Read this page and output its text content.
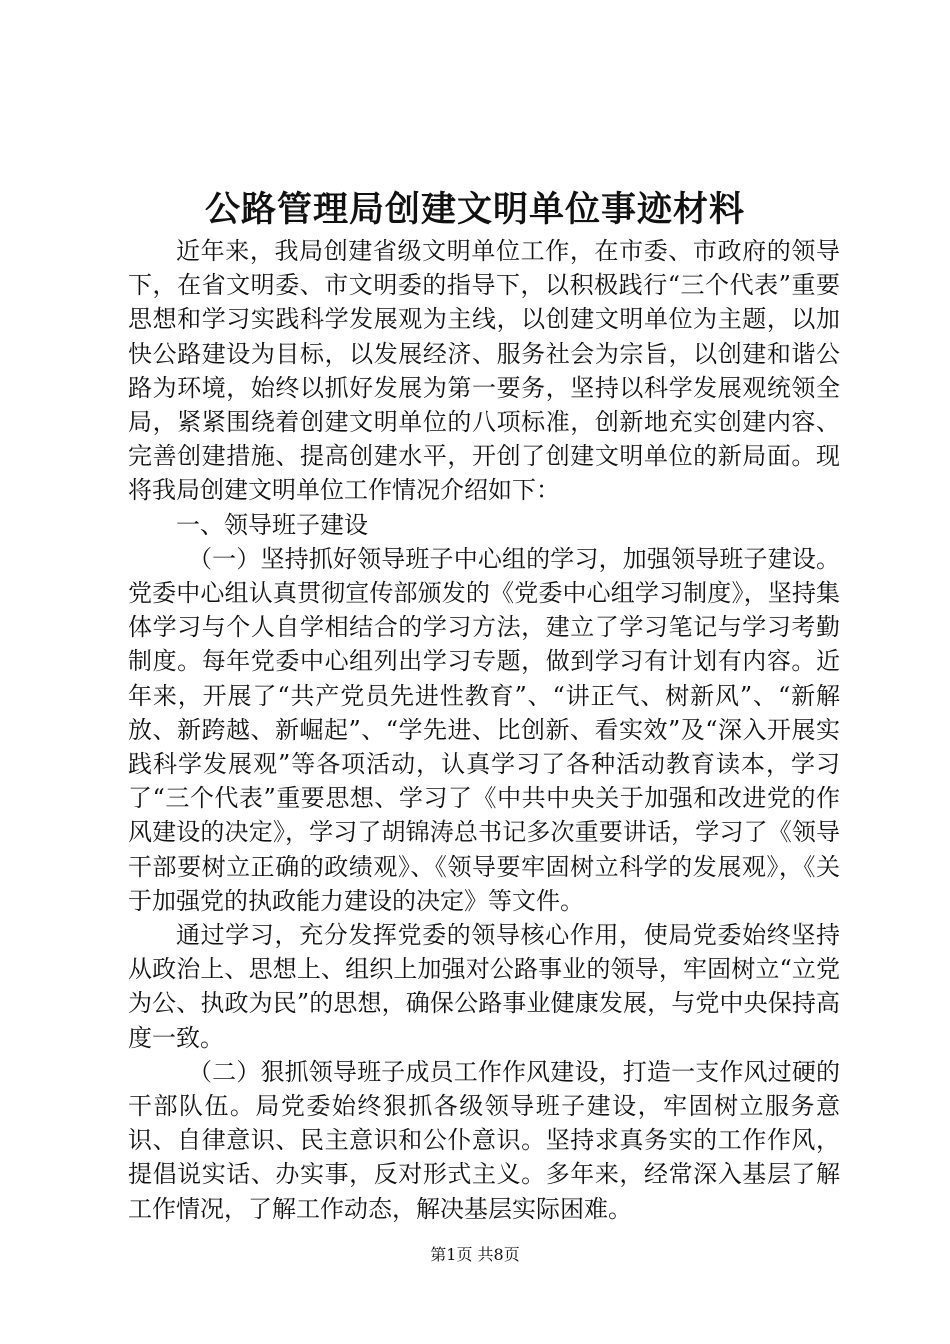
公路管理局创建文明单位事迹材料

近年来，我局创建省级文明单位工作，在市委、市政府的领导下，在省文明委、市文明委的指导下，以积极践行“三个代表”重要思想和学习实践科学发展观为主线，以创建文明单位为主题，以加快公路建设为目标，以发展经济、服务社会为宗旨，以创建和谐公路为环境，始终以抓好发展为第一要务，坚持以科学发展观统领全局，紧紧围绕着创建文明单位的八项标准，创新地充实创建内容、完善创建措施、提高创建水平，开创了创建文明单位的新局面。现将我局创建文明单位工作情况介绍如下：

一、领导班子建设

（一）坚持抓好领导班子中心组的学习，加强领导班子建设。党委中心组认真贯彻宣传部颁发的《党委中心组学习制度》，坚持集体学习与个人自学相结合的学习方法，建立了学习笔记与学习考勤制度。每年党委中心组列出学习专题，做到学习有计划有内容。近年来，开展了“共产党员先进性教育”、“讲正气、树新风”、“新解放、新跨越、新崛起”、“学先进、比创新、看实效”及“深入开展实践科学发展观”等各项活动，认真学习了各种活动教育读本，学习了“三个代表”重要思想、学习了《中共中央关于加强和改进党的作风建设的决定》，学习了胡锦涛总书记多次重要讲话，学习了《领导干部要树立正确的政绩观》、《领导要牢固树立科学的发展观》，《关于加强党的执政能力建设的决定》等文件。

通过学习，充分发挥党委的领导核心作用，使局党委始终坚持从政治上、思想上、组织上加强对公路事业的领导，牢固树立“立党为公、执政为民”的思想，确保公路事业健康发展，与党中央保持高度一致。

（二）狠抓领导班子成员工作作风建设，打造一支作风过硬的干部队伍。局党委始终狠抓各级领导班子建设，牢固树立服务意识、自律意识、民主意识和公仆意识。坚持求真务实的工作作风，提倡说实话、办实事，反对形式主义。多年来，经常深入基层了解工作情况，了解工作动态，解决基层实际困难。

第1页 共8页
